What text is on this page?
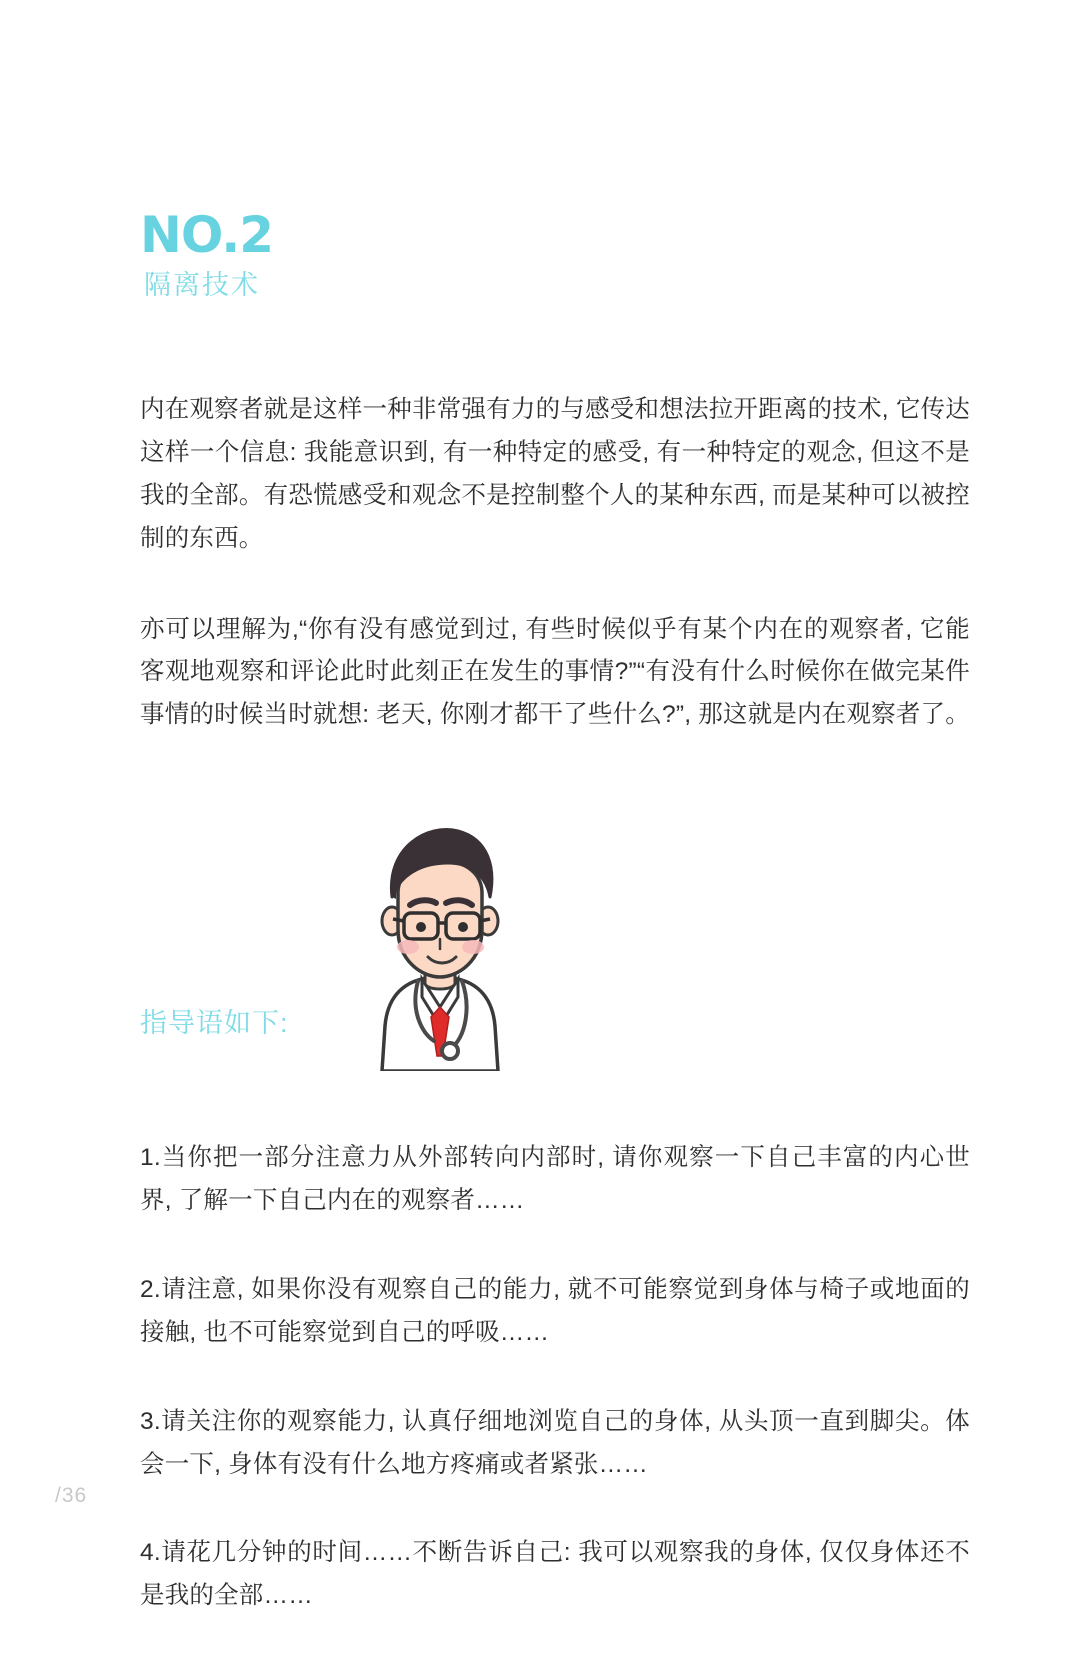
NO.2
隔离技术

内在观察者就是这样一种非常强有力的与感受和想法拉开距离的技术, 它传达这样一个信息: 我能意识到, 有一种特定的感受, 有一种特定的观念, 但这不是我的全部。有恐慌感受和观念不是控制整个人的某种东西, 而是某种可以被控制的东西。

亦可以理解为,“你有没有感觉到过, 有些时候似乎有某个内在的观察者, 它能客观地观察和评论此时此刻正在发生的事情?”“有没有什么时候你在做完某件事情的时候当时就想: 老天, 你刚才都干了些什么?”, 那这就是内在观察者了。

指导语如下:

1.当你把一部分注意力从外部转向内部时, 请你观察一下自己丰富的内心世界, 了解一下自己内在的观察者……

2.请注意, 如果你没有观察自己的能力, 就不可能察觉到身体与椅子或地面的接触, 也不可能察觉到自己的呼吸……

3.请关注你的观察能力, 认真仔细地浏览自己的身体, 从头顶一直到脚尖。体会一下, 身体有没有什么地方疼痛或者紧张……

4.请花几分钟的时间……不断告诉自己: 我可以观察我的身体, 仅仅身体还不是我的全部……

/36
